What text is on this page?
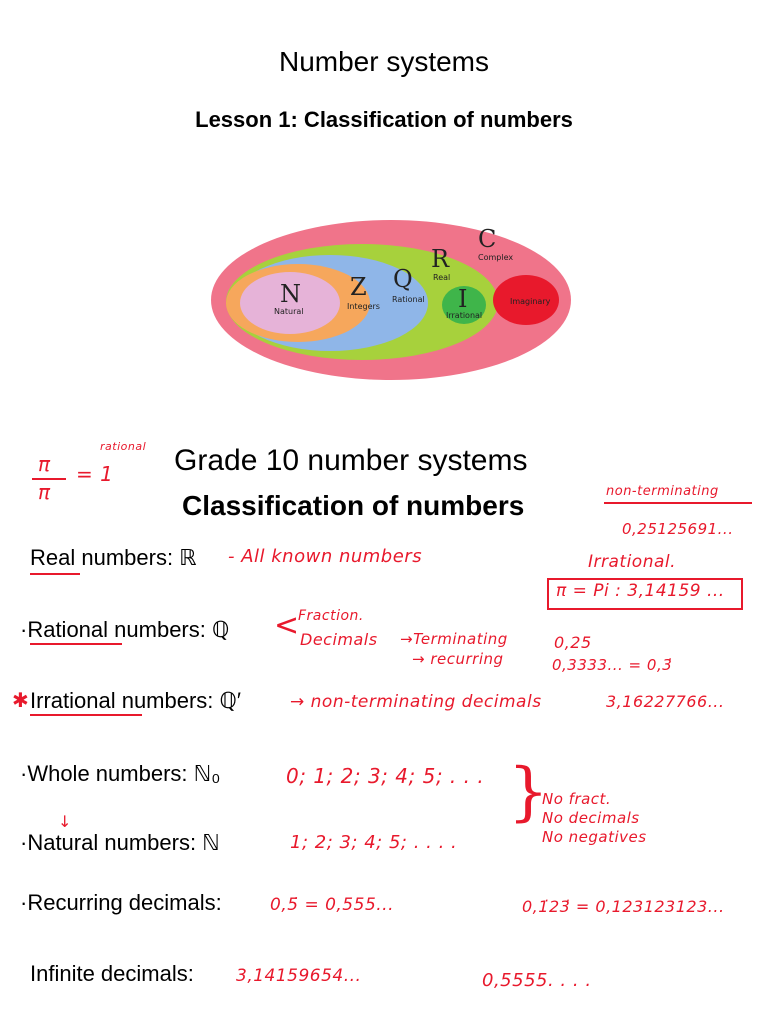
Number systems
Lesson 1: Classification of numbers
C
Complex
R
Real
Q
Rational
Z
Integers
N
Natural	I
Irrational
Imaginary
Grade 10 number systems
Classification of numbers
π
π
= 1
rational
non-terminating
0,25125691...
Real numbers: ℝ - All known numbers	Irrational.
π = Pi : 3,14159 ...
·Rational numbers: ℚ <
Fraction.
Decimals →Terminating
→ recurring
0,25
0,3333... = 0,3̇
✱ Irrational numbers: ℚ′	→ non-terminating decimals	3,16227766...
·Whole numbers: ℕ₀	0; 1; 2; 3; 4; 5; . . . }
No fract.
No decimals
No negatives
↓
·Natural numbers: ℕ	1; 2; 3; 4; 5; . . . .
·Recurring decimals:	0,5̇ = 0,555...	0,1̇23̇ = 0,123123123...
Infinite decimals: 3,14159654...	0,5555. . . .
